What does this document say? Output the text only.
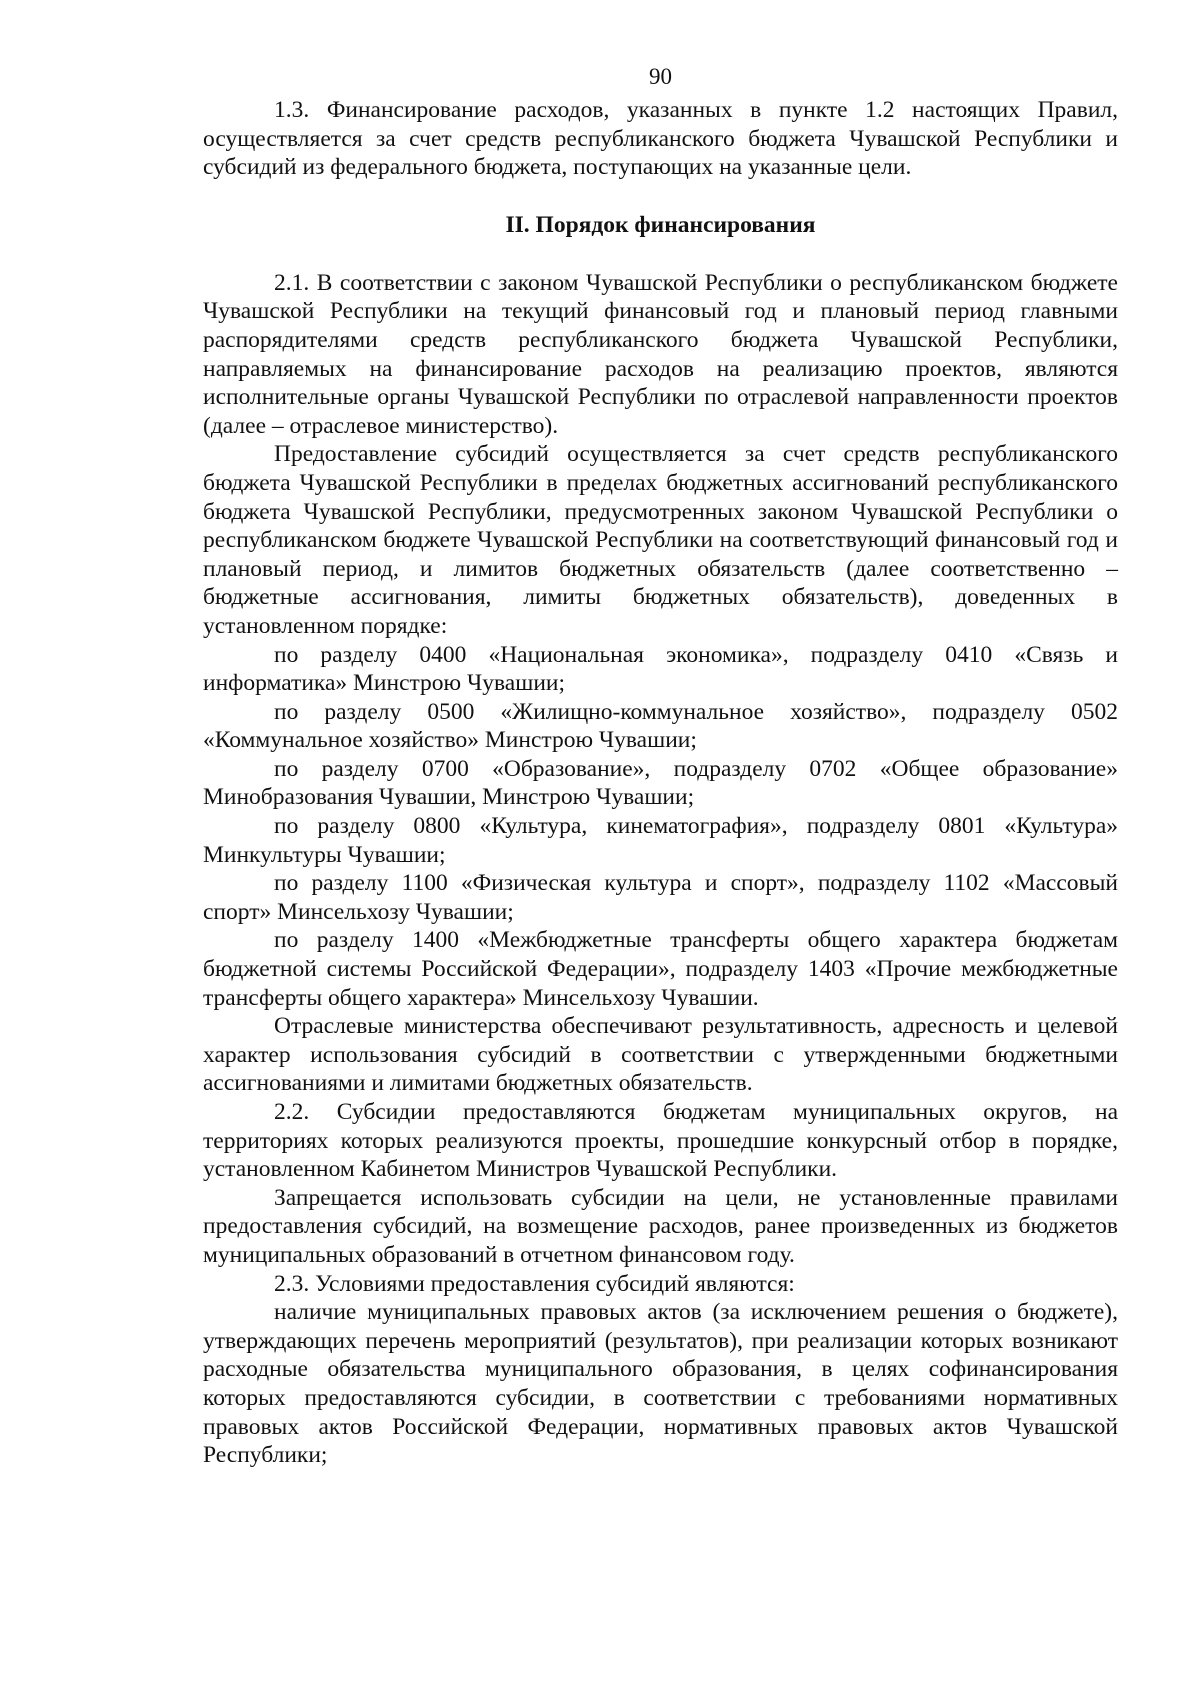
90

1.3. Финансирование расходов, указанных в пункте 1.2 настоящих Правил, осуществляется за счет средств республиканского бюджета Чувашской Республики и субсидий из федерального бюджета, поступающих на указанные цели.

II. Порядок финансирования

2.1. В соответствии с законом Чувашской Республики о республиканском бюджете Чувашской Республики на текущий финансовый год и плановый период главными распорядителями средств республиканского бюджета Чувашской Республики, направляемых на финансирование расходов на реализацию проектов, являются исполнительные органы Чувашской Республики по отраслевой направленности проектов (далее – отраслевое министерство).

Предоставление субсидий осуществляется за счет средств республиканского бюджета Чувашской Республики в пределах бюджетных ассигнований республиканского бюджета Чувашской Республики, предусмотренных законом Чувашской Республики о республиканском бюджете Чувашской Республики на соответствующий финансовый год и плановый период, и лимитов бюджетных обязательств (далее соответственно – бюджетные ассигнования, лимиты бюджетных обязательств), доведенных в установленном порядке:

по разделу 0400 «Национальная экономика», подразделу 0410 «Связь и информатика» Минстрою Чувашии;

по разделу 0500 «Жилищно-коммунальное хозяйство», подразделу 0502 «Коммунальное хозяйство» Минстрою Чувашии;

по разделу 0700 «Образование», подразделу 0702 «Общее образование» Минобразования Чувашии, Минстрою Чувашии;

по разделу 0800 «Культура, кинематография», подразделу 0801 «Культура» Минкультуры Чувашии;

по разделу 1100 «Физическая культура и спорт», подразделу 1102 «Массовый спорт» Минсельхозу Чувашии;

по разделу 1400 «Межбюджетные трансферты общего характера бюджетам бюджетной системы Российской Федерации», подразделу 1403 «Прочие межбюджетные трансферты общего характера» Минсельхозу Чувашии.

Отраслевые министерства обеспечивают результативность, адресность и целевой характер использования субсидий в соответствии с утвержденными бюджетными ассигнованиями и лимитами бюджетных обязательств.

2.2. Субсидии предоставляются бюджетам муниципальных округов, на территориях которых реализуются проекты, прошедшие конкурсный отбор в порядке, установленном Кабинетом Министров Чувашской Республики.

Запрещается использовать субсидии на цели, не установленные правилами предоставления субсидий, на возмещение расходов, ранее произведенных из бюджетов муниципальных образований в отчетном финансовом году.

2.3. Условиями предоставления субсидий являются:

наличие муниципальных правовых актов (за исключением решения о бюджете), утверждающих перечень мероприятий (результатов), при реализации которых возникают расходные обязательства муниципального образования, в целях софинансирования которых предоставляются субсидии, в соответствии с требованиями нормативных правовых актов Российской Федерации, нормативных правовых актов Чувашской Республики;
